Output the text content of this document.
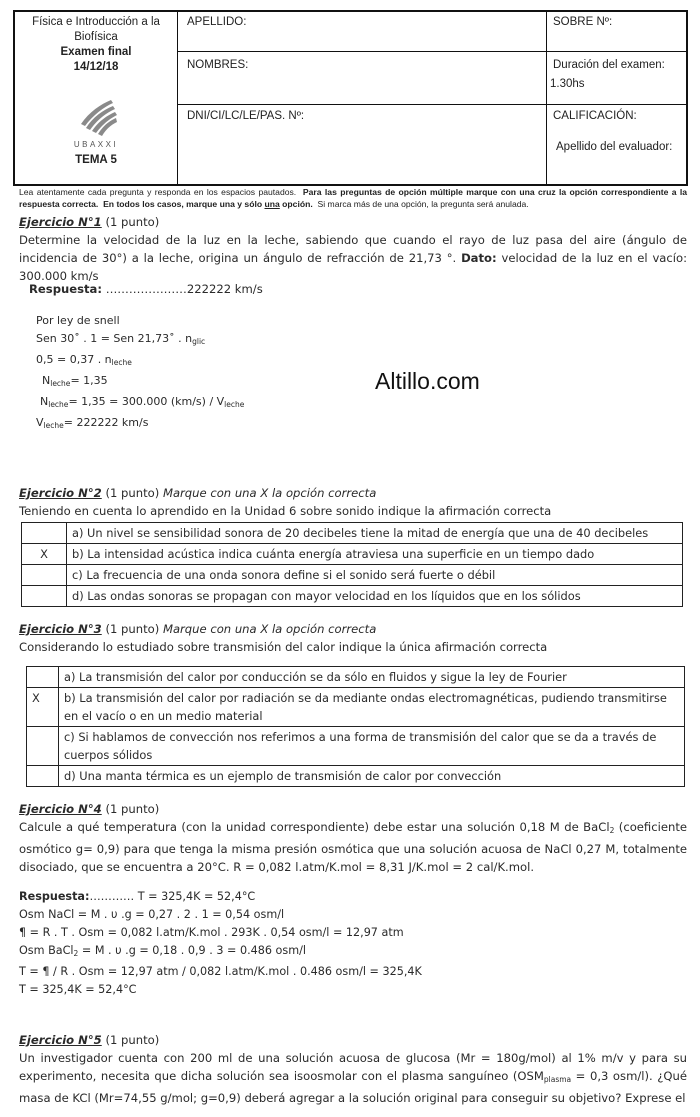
Física e Introducción a la
Biofísica
Examen final
14/12/18
UBAXXI
TEMA 5
APELLIDO:	SOBRE Nº:
NOMBRES:	Duración del examen:
1.30hs
DNI/CI/LC/LE/PAS. Nº:	CALIFICACIÓN:
Apellido del evaluador:
Lea atentamente cada pregunta y responda en los espacios pautados. Para las preguntas de opción múltiple marque con una cruz la opción correspondiente a la respuesta correcta. En todos los casos, marque una y sólo una opción. Si marca más de una opción, la pregunta será anulada.
Ejercicio N°1 (1 punto)
Determine la velocidad de la luz en la leche, sabiendo que cuando el rayo de luz pasa del aire (ángulo de incidencia de 30°) a la leche, origina un ángulo de refracción de 21,73 °. Dato: velocidad de la luz en el vacío: 300.000 km/s
Respuesta: …………………222222 km/s
Por ley de snell
Sen 30˚ . 1 = Sen 21,73˚ . $n_{glic}$
0,5 = 0,37 . $n_{leche}$
$N_{leche}= 1,35$
$N_{leche}= 1,35 = 300.000$ $(km/s) / V_{leche}$
$V_{leche}= 222222$ km/s
Altillo.com
Ejercicio N°2 (1 punto) Marque con una X la opción correcta
Teniendo en cuenta lo aprendido en la Unidad 6 sobre sonido indique la afirmación correcta
	a) Un nivel se sensibilidad sonora de 20 decibeles tiene la mitad de energía que una de 40 decibeles
X	b) La intensidad acústica indica cuánta energía atraviesa una superficie en un tiempo dado
	c) La frecuencia de una onda sonora define si el sonido será fuerte o débil
	d) Las ondas sonoras se propagan con mayor velocidad en los líquidos que en los sólidos
Ejercicio N°3 (1 punto) Marque con una X la opción correcta
Considerando lo estudiado sobre transmisión del calor indique la única afirmación correcta
	a) La transmisión del calor por conducción se da sólo en fluidos y sigue la ley de Fourier
X	b) La transmisión del calor por radiación se da mediante ondas electromagnéticas, pudiendo transmitirse en el vacío o en un medio material
	c) Si hablamos de convección nos referimos a una forma de transmisión del calor que se da a través de cuerpos sólidos
	d) Una manta térmica es un ejemplo de transmisión de calor por convección
Ejercicio N°4 (1 punto)
Calcule a qué temperatura (con la unidad correspondiente) debe estar una solución 0,18 M de BaCl$_2$ (coeficiente osmótico g= 0,9) para que tenga la misma presión osmótica que una solución acuosa de NaCl 0,27 M, totalmente disociado, que se encuentra a 20°C. R = 0,082 l.atm/K.mol = 8,31 J/K.mol = 2 cal/K.mol.
Respuesta:………… T = 325,4K = 52,4°C
Osm NaCl = M . υ .g = 0,27 . 2 . 1 = 0,54 osm/l
¶ = R . T . Osm = 0,082 l.atm/K.mol . 293K . 0,54 osm/l = 12,97 atm
Osm BaCl$_2$ = M . υ .g = 0,18 . 0,9 . 3 = 0.486 osm/l
T = ¶ / R . Osm = 12,97 atm / 0,082 l.atm/K.mol . 0.486 osm/l = 325,4K
T = 325,4K = 52,4°C
Ejercicio N°5 (1 punto)
Un investigador cuenta con 200 ml de una solución acuosa de glucosa (Mr = 180g/mol) al 1% m/v y para su experimento, necesita que dicha solución sea isoosmolar con el plasma sanguíneo ($OSM_{plasma} = 0,3$ osm/l). ¿Qué masa de KCl (Mr=74,55 g/mol; g=0,9) deberá agregar a la solución original para conseguir su objetivo? Exprese el
